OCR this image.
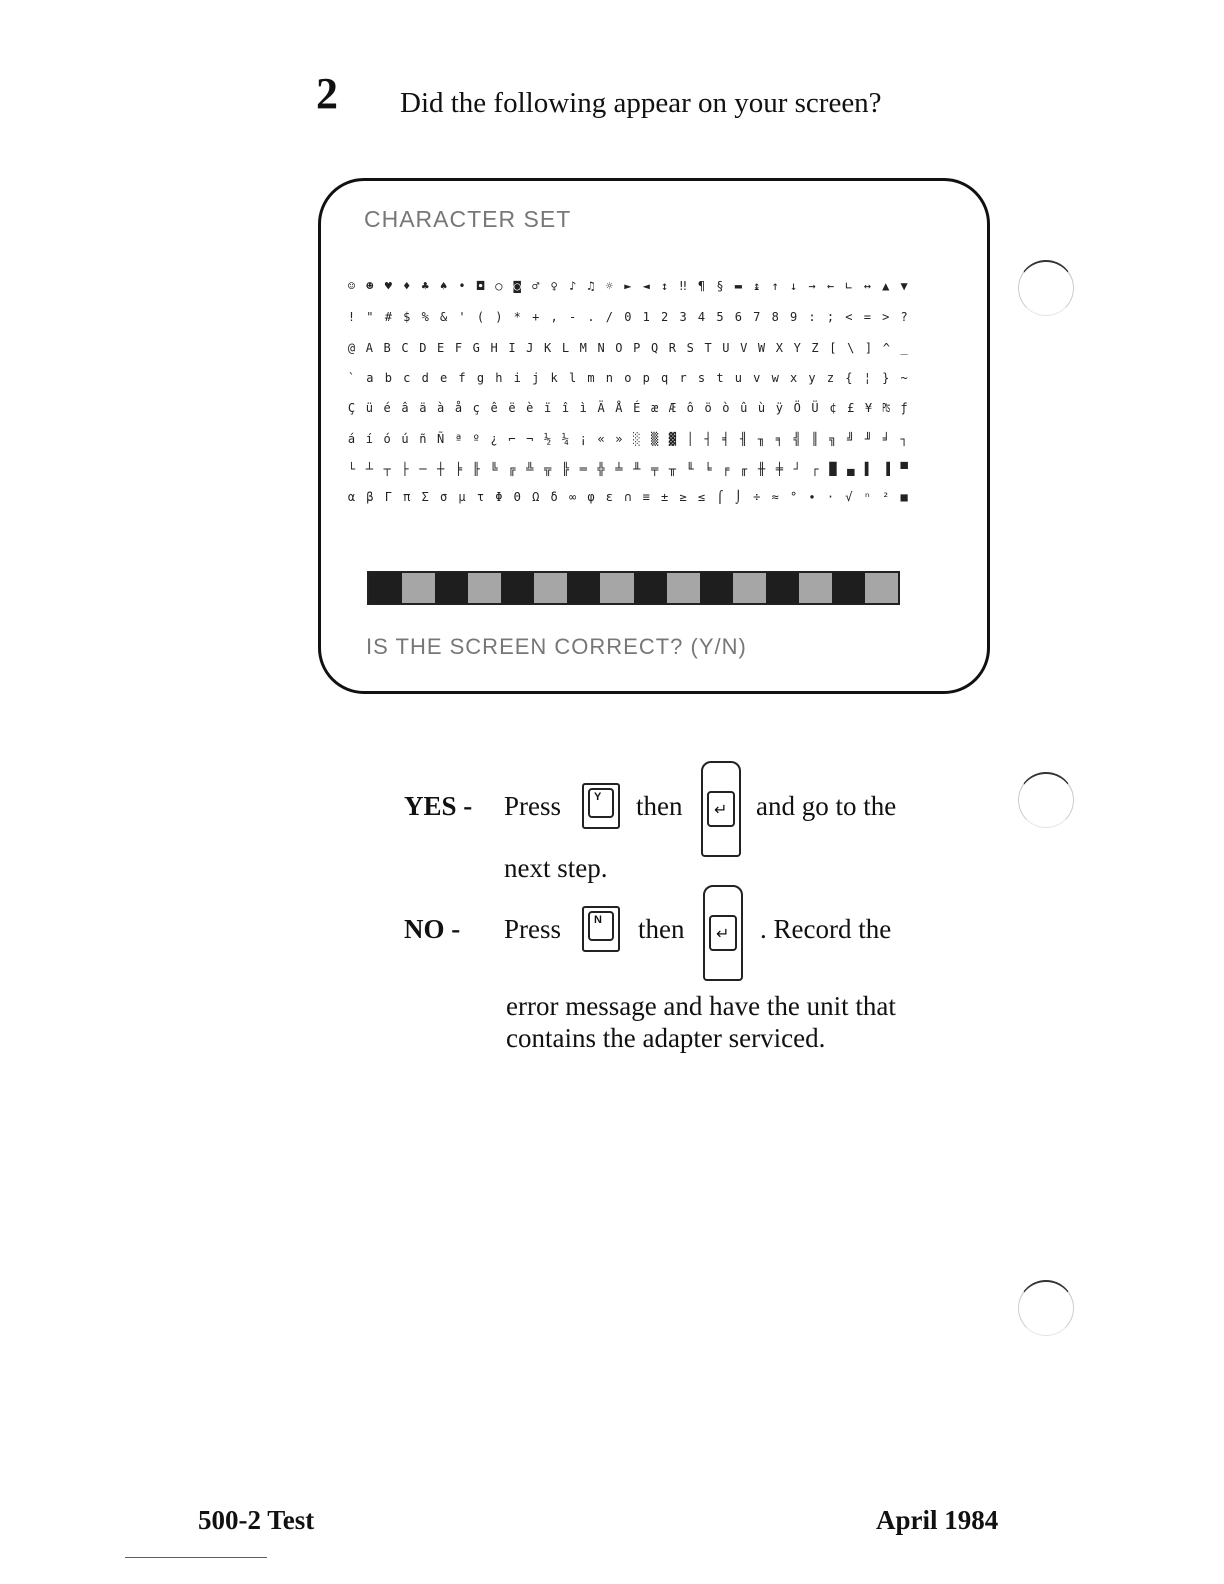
2 Did the following appear on your screen?
CHARACTER SET
☺ ☻ ♥ ♦ ♣ ♠ • ◘ ○ ◙ ♂ ♀ ♪ ♫ ☼ ► ◄ ↕ ‼ ¶ § ▬ ↨ ↑ ↓ → ← ∟ ↔ ▲ ▼
! " # $ % & ' ( ) * + , - . / 0 1 2 3 4 5 6 7 8 9 : ; < = > ?
@ A B C D E F G H I J K L M N O P Q R S T U V W X Y Z [ \ ] ^ _
` a b c d e f g h i j k l m n o p q r s t u v w x y z { ¦ } ~
Ç ü é â ä à å ç ê ë è ï î ì Ä Å É æ Æ ô ö ò û ù ÿ Ö Ü ¢ £ ¥ ₧ ƒ
á í ó ú ñ Ñ ª º ¿ ⌐ ¬ ½ ¼ ¡ « » ░ ▒ ▓ │ ┤ ╡ ╢ ╖ ╕ ╣ ║ ╗ ╝ ╜ ╛ ┐
└ ┴ ┬ ├ ─ ┼ ╞ ╟ ╚ ╔ ╩ ╦ ╠ ═ ╬ ╧ ╨ ╤ ╥ ╙ ╘ ╒ ╓ ╫ ╪ ┘ ┌ █ ▄ ▌ ▐ ▀
α β Γ π Σ σ µ τ Φ Θ Ω δ ∞ φ ε ∩ ≡ ± ≥ ≤ ⌠ ⌡ ÷ ≈ ° ∙ · √ ⁿ ² ■
IS THE SCREEN CORRECT? (Y/N)
YES - Press	Y then ↵ and go to the
next step.
NO - Press	N then ↵ . Record the
error message and have the unit that
contains the adapter serviced.
500-2 Test	April 1984
